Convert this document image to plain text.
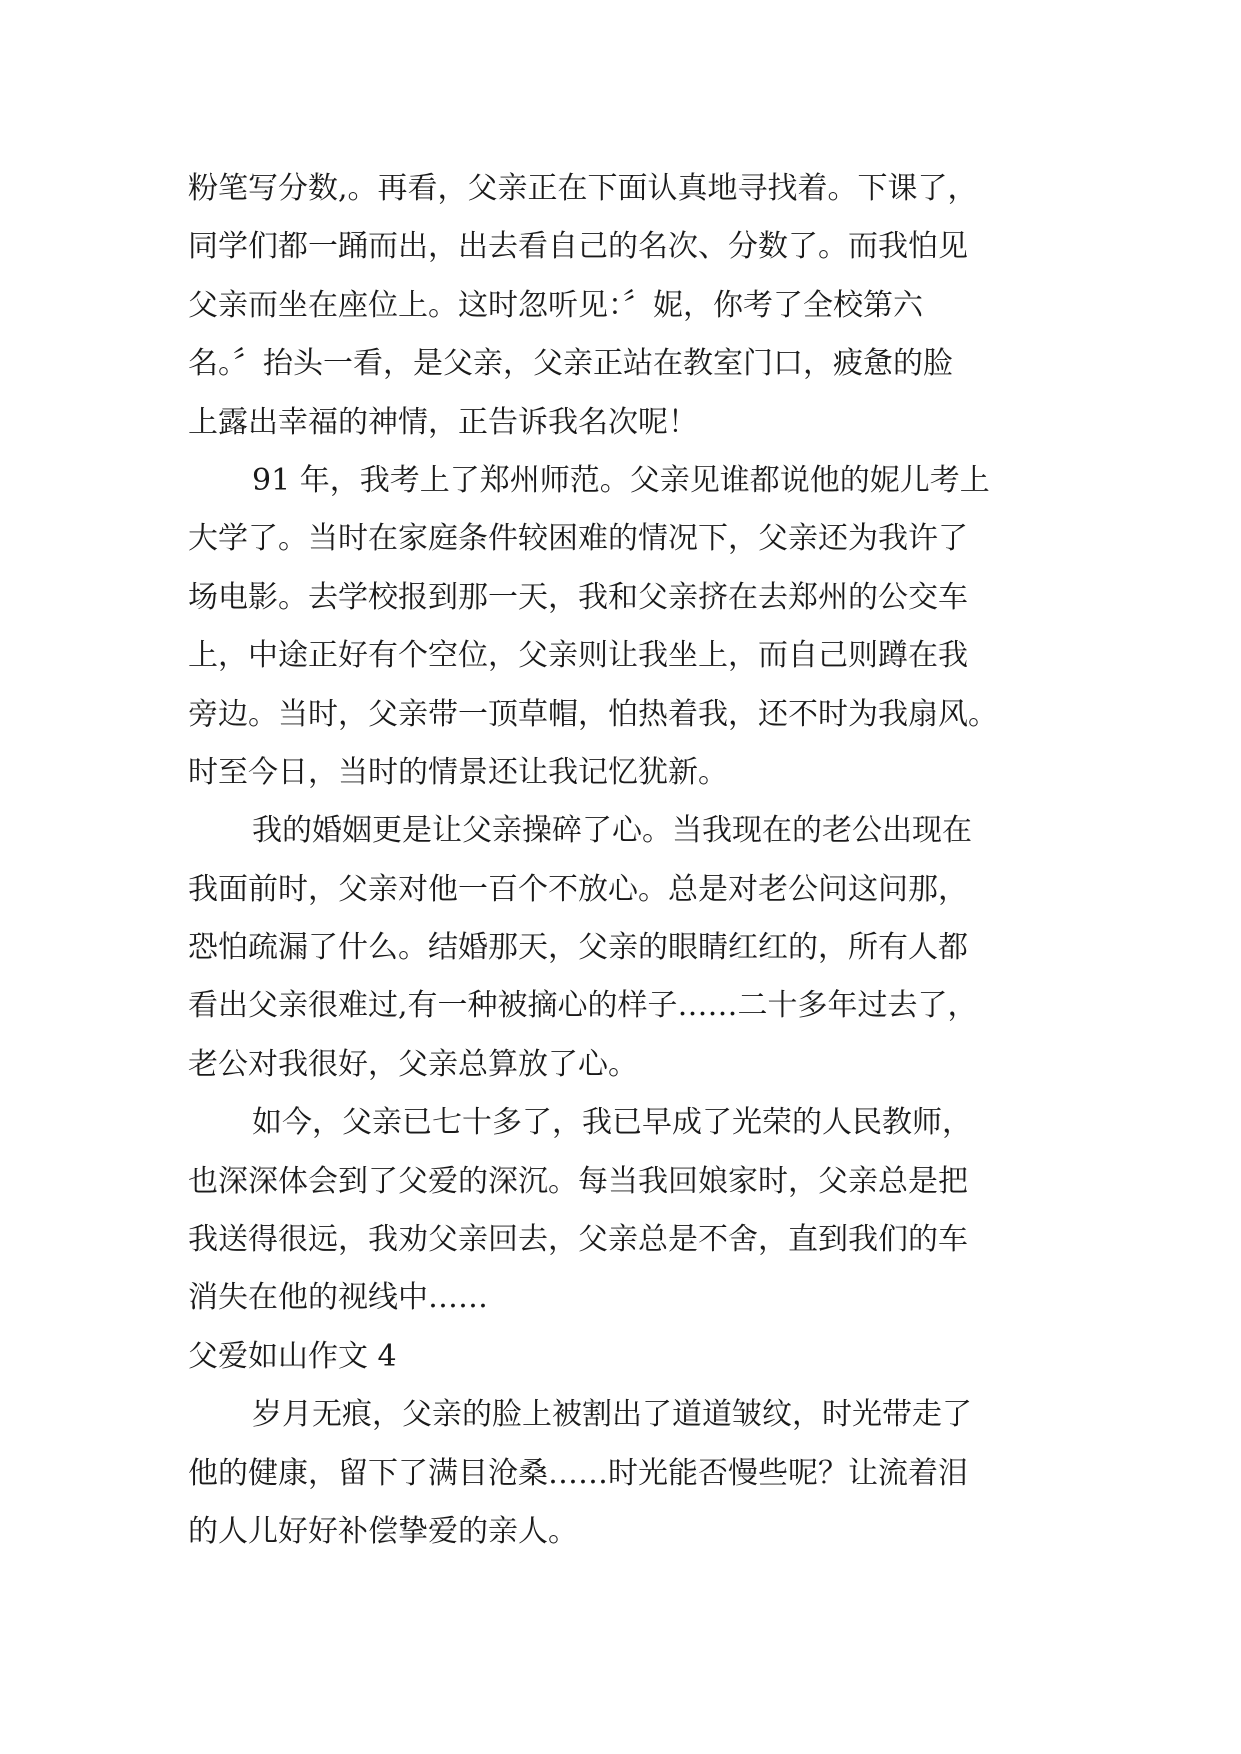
粉笔写分数,。再看，父亲正在下面认真地寻找着。下课了，
同学们都一踊而出，出去看自己的名次、分数了。而我怕见
父亲而坐在座位上。这时忽听见：〞妮，你考了全校第六
名。〞抬头一看，是父亲，父亲正站在教室门口，疲惫的脸
上露出幸福的神情，正告诉我名次呢！
91 年，我考上了郑州师范。父亲见谁都说他的妮儿考上
大学了。当时在家庭条件较困难的情况下，父亲还为我许了
场电影。去学校报到那一天，我和父亲挤在去郑州的公交车
上，中途正好有个空位，父亲则让我坐上，而自己则蹲在我
旁边。当时，父亲带一顶草帽，怕热着我，还不时为我扇风。
时至今日，当时的情景还让我记忆犹新。
我的婚姻更是让父亲操碎了心。当我现在的老公出现在
我面前时，父亲对他一百个不放心。总是对老公问这问那，
恐怕疏漏了什么。结婚那天，父亲的眼睛红红的，所有人都
看出父亲很难过,有一种被摘心的样子……二十多年过去了，
老公对我很好，父亲总算放了心。
如今，父亲已七十多了，我已早成了光荣的人民教师，
也深深体会到了父爱的深沉。每当我回娘家时，父亲总是把
我送得很远，我劝父亲回去，父亲总是不舍，直到我们的车
消失在他的视线中……
父爱如山作文 4
岁月无痕，父亲的脸上被割出了道道皱纹，时光带走了
他的健康，留下了满目沧桑……时光能否慢些呢？让流着泪
的人儿好好补偿挚爱的亲人。
